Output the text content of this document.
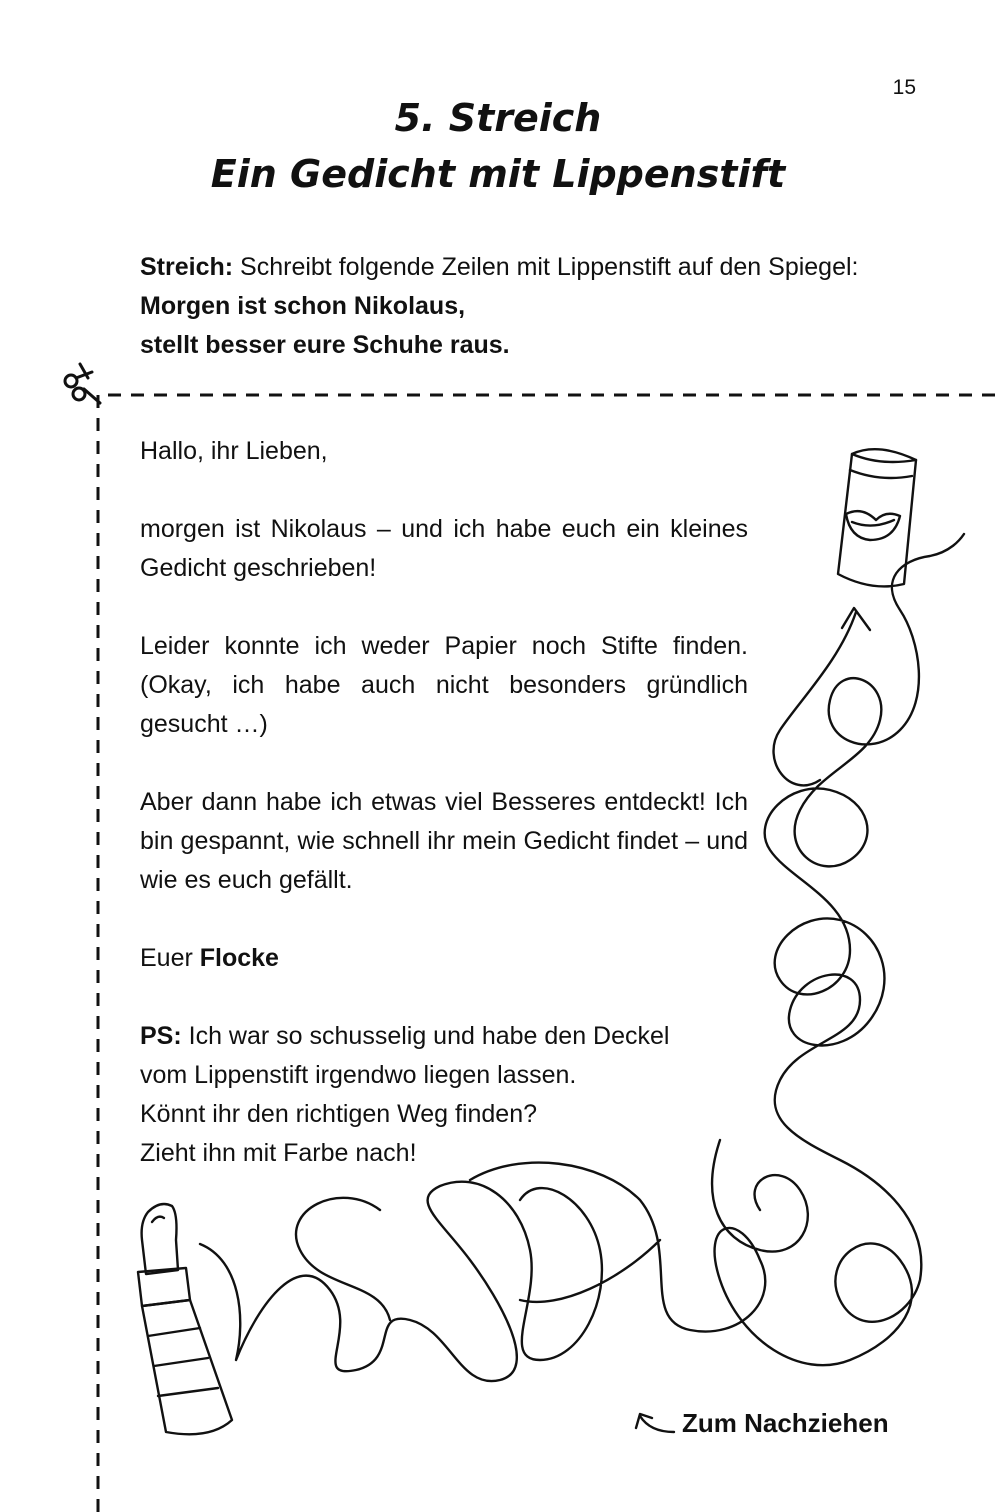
15
5. Streich
Ein Gedicht mit Lippenstift
Streich: Schreibt folgende Zeilen mit Lippenstift auf den Spiegel: Morgen ist schon Nikolaus,
stellt besser eure Schuhe raus.

Hallo, ihr Lieben,

morgen ist Nikolaus – und ich habe euch ein kleines Gedicht geschrieben!

Leider konnte ich weder Papier noch Stifte finden. (Okay, ich habe auch nicht besonders gründlich gesucht …)

Aber dann habe ich etwas viel Besseres entdeckt! Ich bin gespannt, wie schnell ihr mein Gedicht findet – und wie es euch gefällt.

Euer Flocke

PS: Ich war so schusselig und habe den Deckel
vom Lippenstift irgendwo liegen lassen.
Könnt ihr den richtigen Weg finden?
Zieht ihn mit Farbe nach!

Zum Nachziehen
